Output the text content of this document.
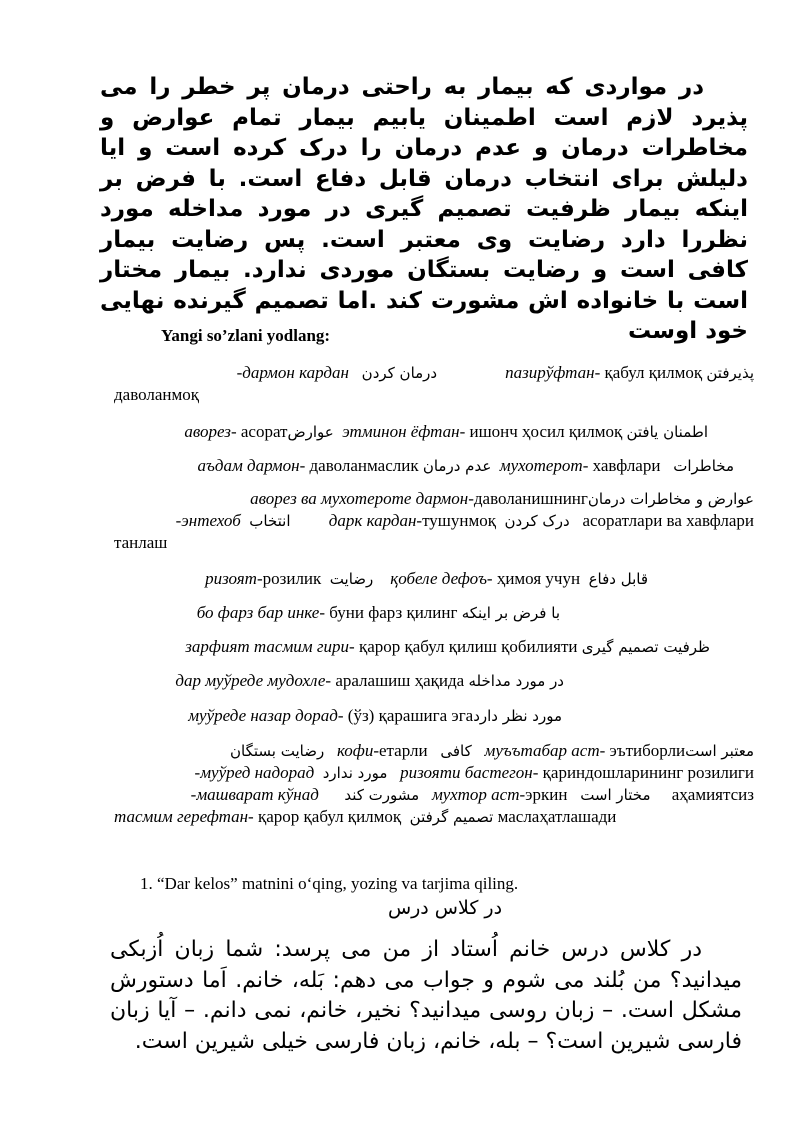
در مواردی که بیمار به راحتی درمان پر خطر را می پذیرد لازم است اطمینان یابیم بیمار تمام عوارض و مخاطرات درمان و عدم درمان را درک کرده است و ایا دلیلش برای انتخاب درمان قابل دفاع است. با فرض بر اینکه بیمار ظرفیت تصمیم گیری در مورد مداخله مورد نظررا دارد رضایت وی معتبر است. پس رضایت بیمار کافی است و رضایت بستگان موردی ندارد. بیمار مختار است با خانواده اش مشورت کند .اما تصمیم گیرنده نهایی خود اوست

Yangi so’zlani yodlang:
پذیرفتن пазирўфтан- қабул қилмоқ                درمان کردن   дармон кардан-
даволанмоқ
اطمنان یافتن этминон ёфтан- ишонч ҳосил қилмоқ  عوارضаворез- асорат
مخاطرات   мухотерот- хавфлари  عدم درمان аъдам дармон- даволанмаслик
عوارض و مخاطرات درمانаворез ва мухотероте дармон-даволанишнинг
асоратлари ва хавфлари   درک کردن  дарк кардан-тушунмоқ         انتخاب  энтехоб-
танлаш
قابل دفاع  қобеле дефоъ- ҳимоя учун    رضایت  ризоят-розилик
با فرض بر اینکه бо фарз бар инке- буни фарз қилинг
ظرفیت تصمیم گیری зарфият тасмим гири- қарор қабул қилиш қобилияти
در مورد مداخله дар муўреде мудохле- аралашиш ҳақида
مورد نظر داردмуўреде назар дорад- (ўз) қарашига эга
معتبر استмуъътабар аст- эътиборли   کافی   кофи-етарли   رضایت بستگان
ризояти бастегон- қариндошларининг розилиги   مورد ندارد  муўред надорад-
аҳамиятсиз     مختار است   мухтор аст-эркин   مشورت کند      машварат кўнад-
маслаҳатлашади تصمیم گرفتن  тасмим герефтан- қарор қабул қилмоқ
1. “Dar kelos” matnini o‘qing, yozing va tarjima qiling.
در کلاس درس

در کلاس درس خانم اُستاد از من می پرسد: شما زبان اُزبکی میدانید؟ من بُلند می شوم و جواب می دهم: بَله، خانم. اَما دستورش مشکل است. – زبان روسی میدانید؟ نخیر، خانم، نمی دانم. – آیا زبان فارسی شیرین است؟ – بله، خانم، زبان فارسی خیلی شیرین است.
